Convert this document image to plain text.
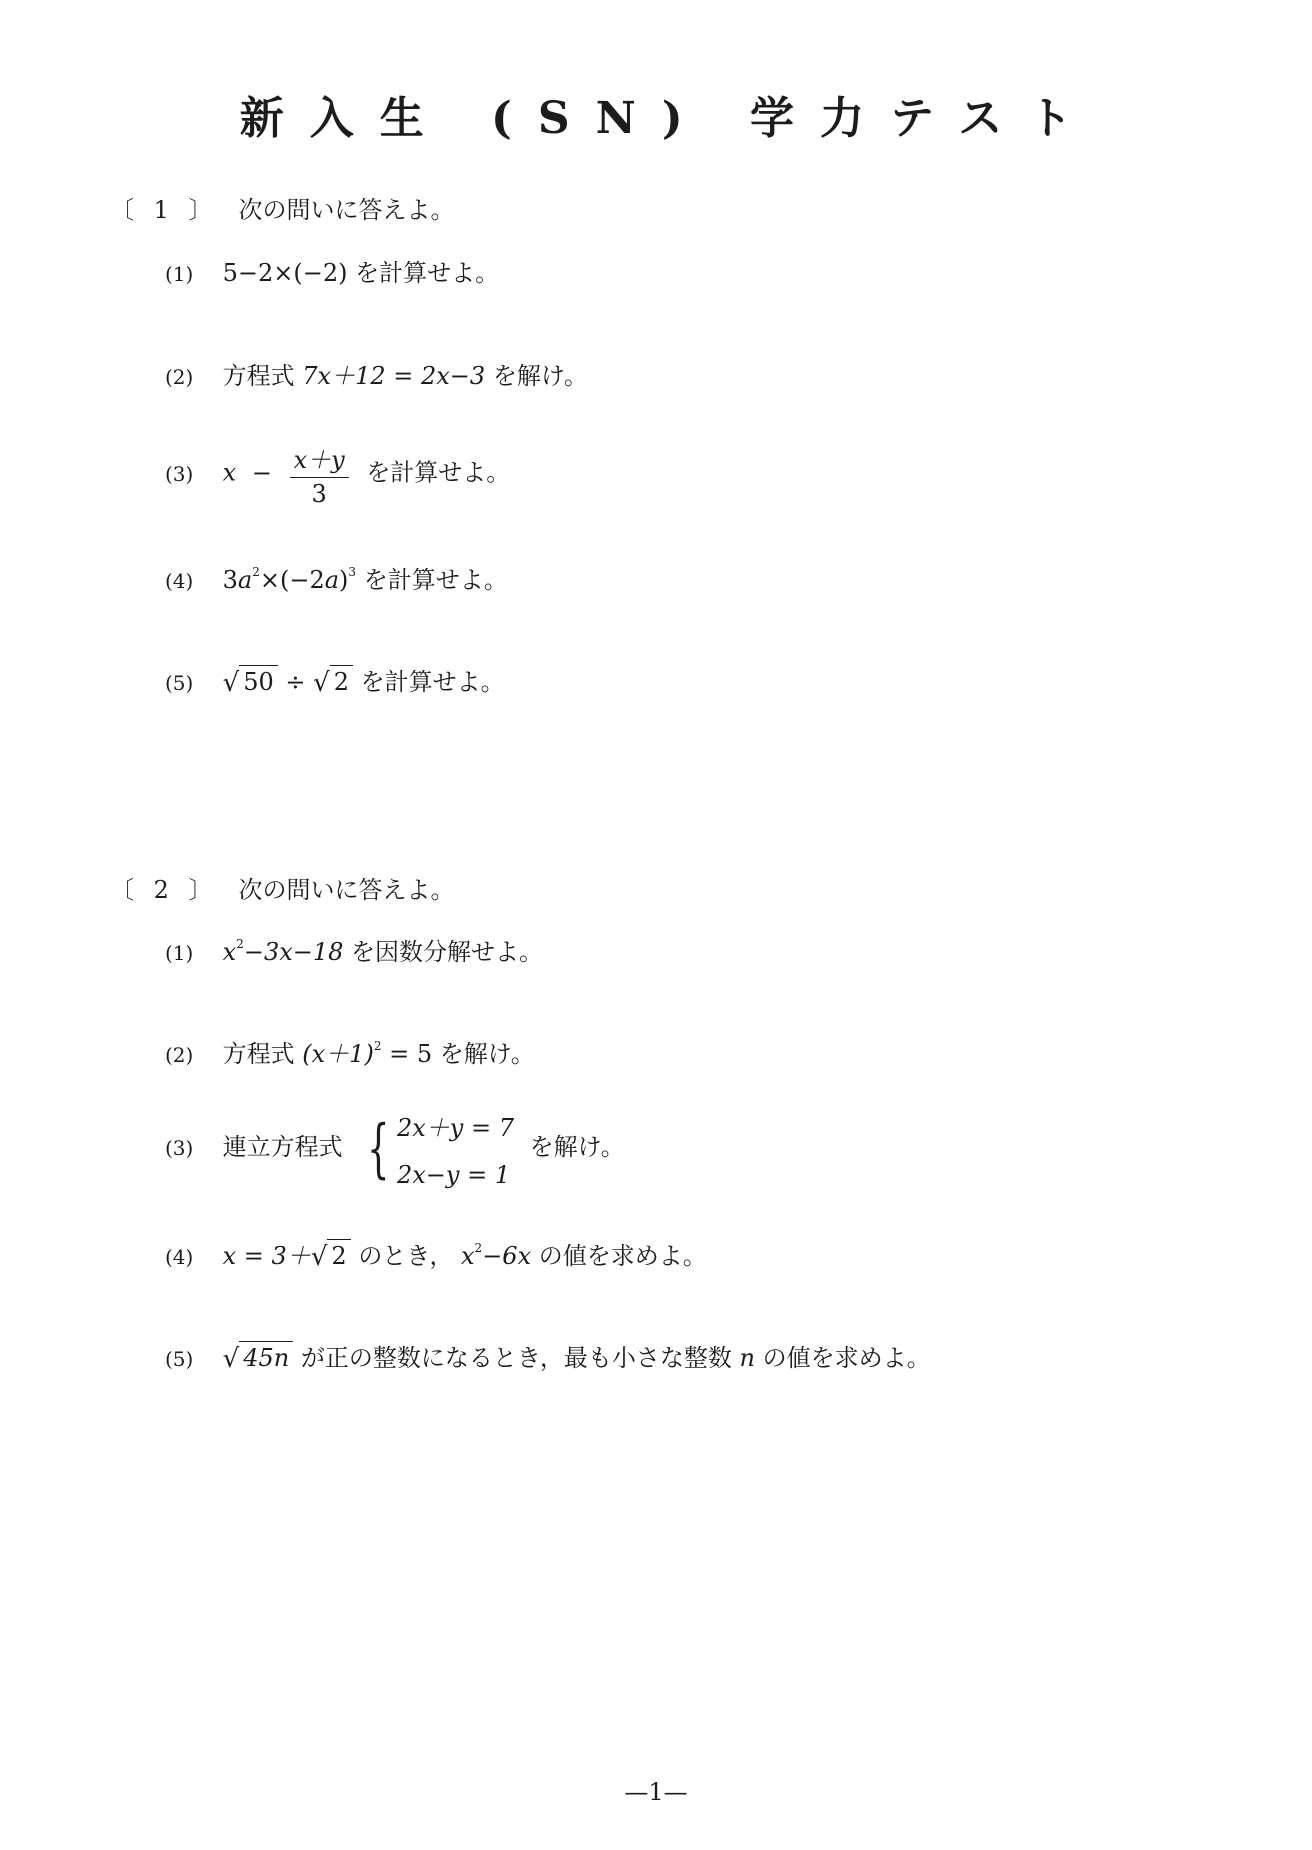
新入生 (SN) 学力テスト
〔 1 〕 次の問いに答えよ。
(1) 5−2×(−2) を計算せよ。
(2) 方程式 7x＋12 = 2x−3 を解け。
(3) $x - \frac{x+y}{3}$ を計算せよ。
(4) $3a^2\times(-2a)^3$ を計算せよ。
(5) √ 50 ÷ √ 2 を計算せよ。
〔 2 〕 次の問いに答えよ。
(1) $x^2-3x-18$ を因数分解せよ。
(2) 方程式 $(x+1)^2 = 5$ を解け。
(3) 連立方程式 { 2x＋y = 7
2x−y = 1
を解け。
(4) x = 3＋√ 2 のとき， $x^2-6x$ の値を求めよ。
(5) √ 45n が正の整数になるとき，最も小さな整数 n の値を求めよ。
—1—
